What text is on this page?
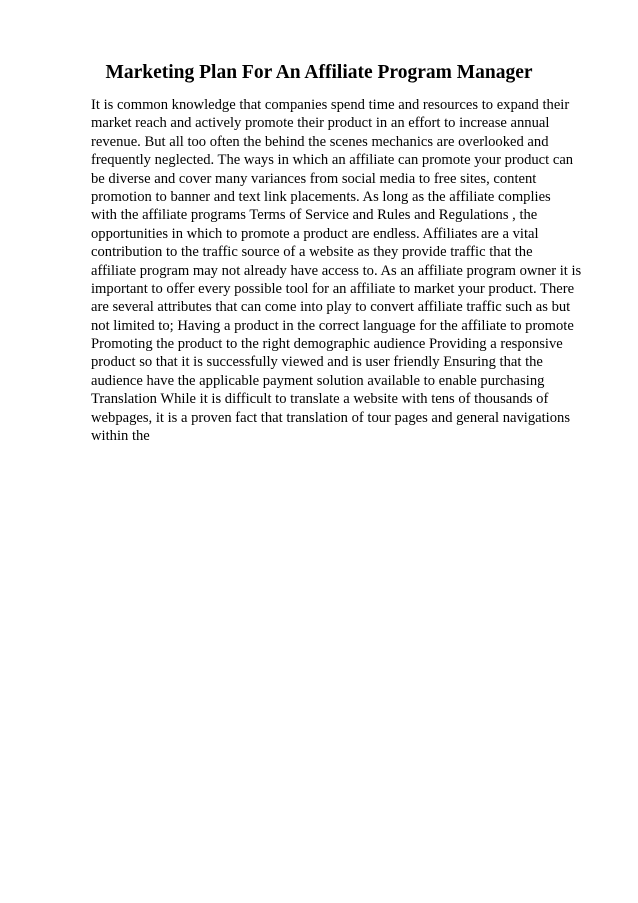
Marketing Plan For An Affiliate Program Manager
It is common knowledge that companies spend time and resources to expand their
market reach and actively promote their product in an effort to increase annual
revenue. But all too often the behind the scenes mechanics are overlooked and
frequently neglected. The ways in which an affiliate can promote your product can
be diverse and cover many variances from social media to free sites, content
promotion to banner and text link placements. As long as the affiliate complies
with the affiliate programs Terms of Service and Rules and Regulations , the
opportunities in which to promote a product are endless. Affiliates are a vital
contribution to the traffic source of a website as they provide traffic that the
affiliate program may not already have access to. As an affiliate program owner it is
important to offer every possible tool for an affiliate to market your product. There
are several attributes that can come into play to convert affiliate traffic such as but
not limited to; Having a product in the correct language for the affiliate to promote
Promoting the product to the right demographic audience Providing a responsive
product so that it is successfully viewed and is user friendly Ensuring that the
audience have the applicable payment solution available to enable purchasing
Translation While it is difficult to translate a website with tens of thousands of
webpages, it is a proven fact that translation of tour pages and general navigations
within the
